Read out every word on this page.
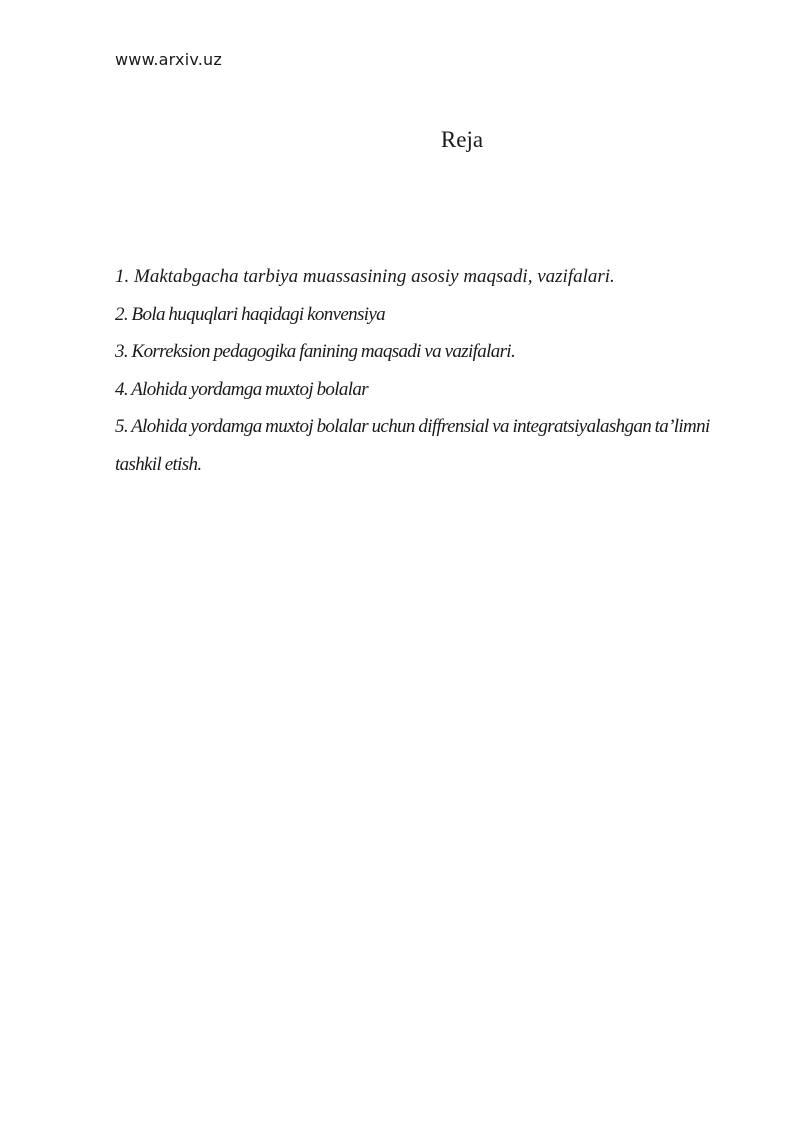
www.arxiv.uz
Reja
1. Maktabgacha tarbiya muassasining asosiy maqsadi, vazifalari.
2. Bola huquqlari haqidagi konvensiya
3. Korreksion pedagogika fanining maqsadi va vazifalari.
4. Alohida yordamga muxtoj bolalar
5. Alohida yordamga muxtoj bolalar uchun diffrensial va integratsiyalashgan ta’limni tashkil etish.
